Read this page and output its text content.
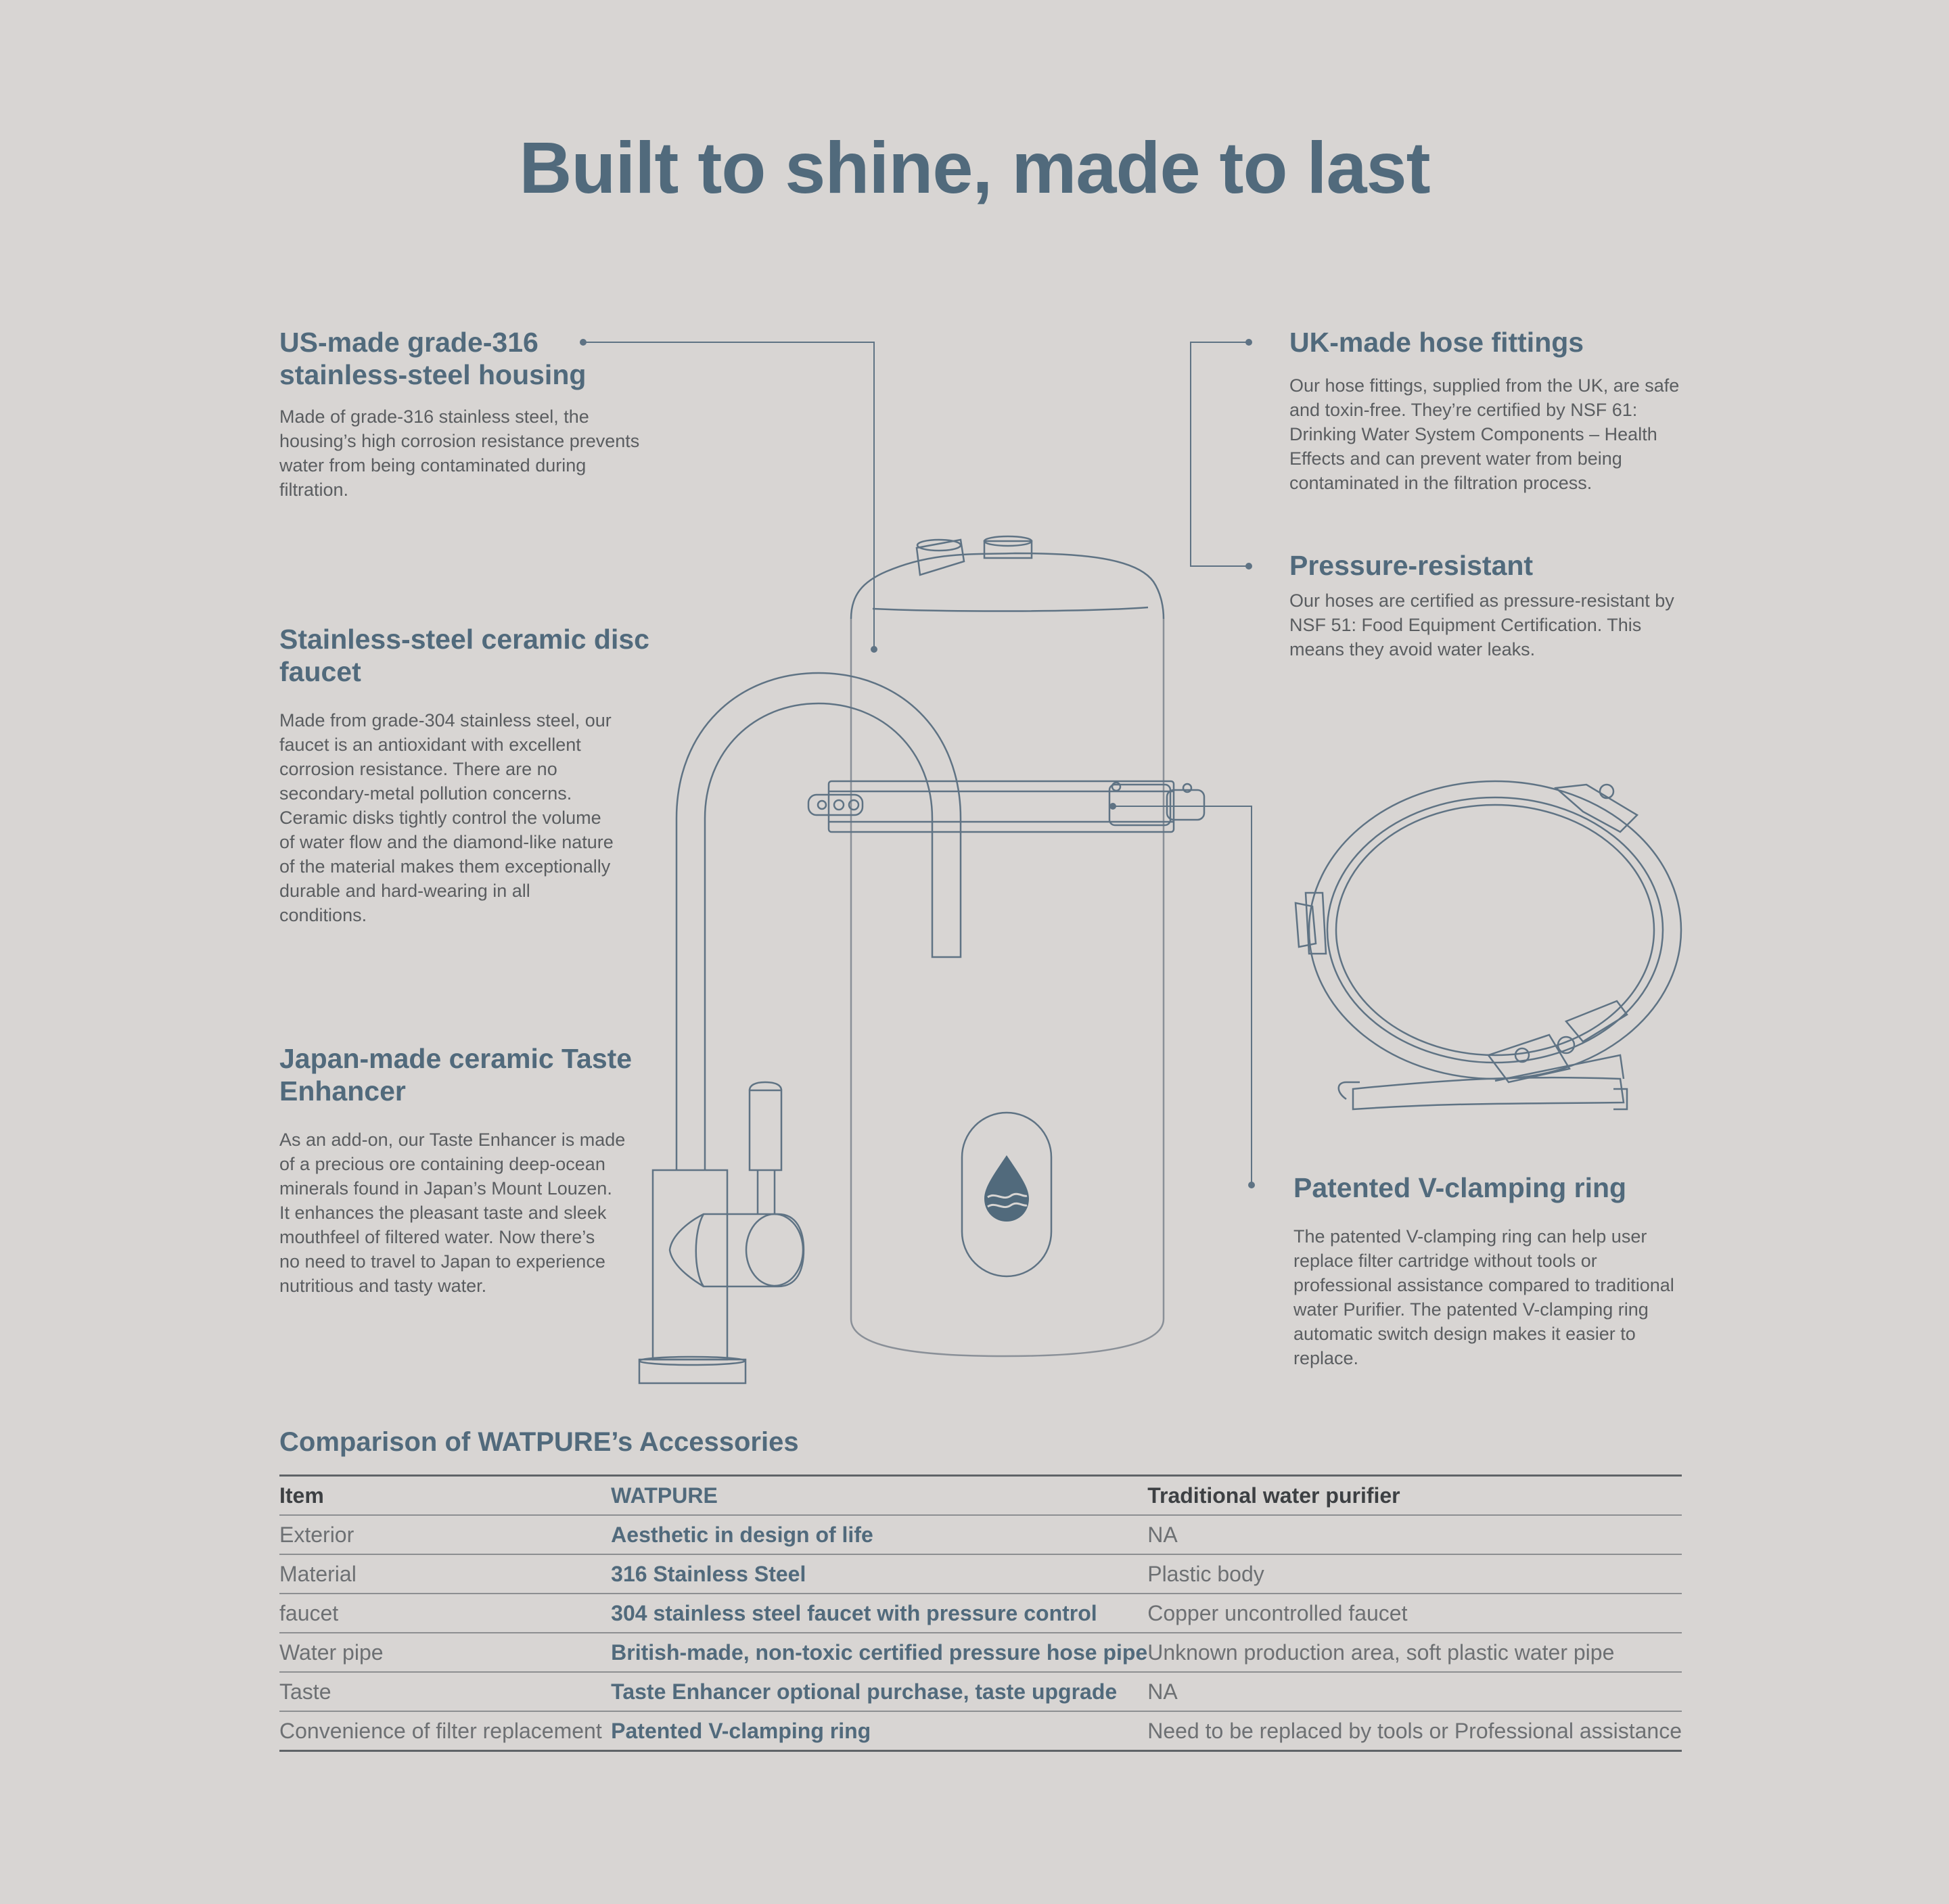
Built to shine, made to last
US-made grade-316
stainless-steel housing

Made of grade-316 stainless steel, the
housing’s high corrosion resistance prevents
water from being contaminated during
filtration.

Stainless-steel ceramic disc
faucet

Made from grade-304 stainless steel, our
faucet is an antioxidant with excellent
corrosion resistance. There are no
secondary-metal pollution concerns.
Ceramic disks tightly control the volume
of water flow and the diamond-like nature
of the material makes them exceptionally
durable and hard-wearing in all
conditions.

Japan-made ceramic Taste
Enhancer

As an add-on, our Taste Enhancer is made
of a precious ore containing deep-ocean
minerals found in Japan’s Mount Louzen.
It enhances the pleasant taste and sleek
mouthfeel of filtered water. Now there’s
no need to travel to Japan to experience
nutritious and tasty water.

UK-made hose fittings

Our hose fittings, supplied from the UK, are safe
and toxin-free. They’re certified by NSF 61:
Drinking Water System Components – Health
Effects and can prevent water from being
contaminated in the filtration process.

Pressure-resistant

Our hoses are certified as pressure-resistant by
NSF 51: Food Equipment Certification. This
means they avoid water leaks.

Patented V-clamping ring

The patented V-clamping ring can help user
replace filter cartridge without tools or
professional assistance compared to traditional
water Purifier. The patented V-clamping ring
automatic switch design makes it easier to
replace.

Comparison of WATPURE’s Accessories
Item	WATPURE	Traditional water purifier
Exterior	Aesthetic in design of life	NA
Material	316 Stainless Steel	Plastic body
faucet	304 stainless steel faucet with pressure control	Copper uncontrolled faucet
Water pipe	British-made, non-toxic certified pressure hose pipe	Unknown production area, soft plastic water pipe
Taste	Taste Enhancer optional purchase, taste upgrade	NA
Convenience of filter replacement	Patented V-clamping ring	Need to be replaced by tools or Professional assistance
